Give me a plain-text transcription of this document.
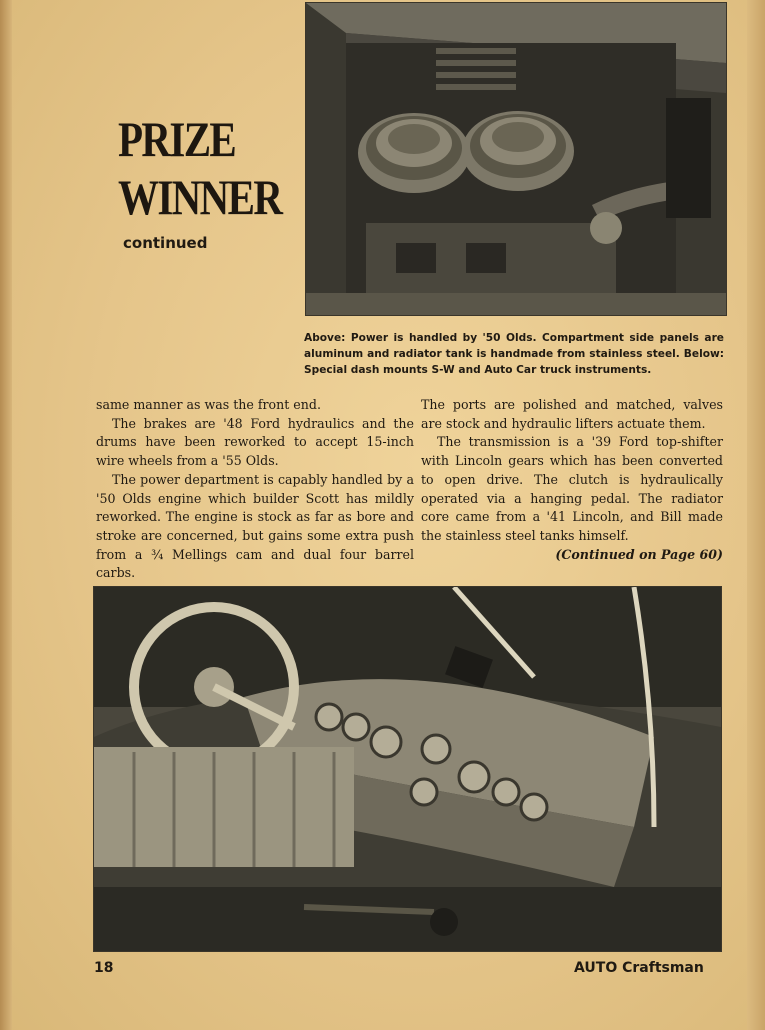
PRIZE
WINNER
continued
Above: Power is handled by '50 Olds. Compartment side panels are aluminum and radiator tank is handmade from stainless steel. Below: Special dash mounts S-W and Auto Car truck instruments.

same manner as was the front end.

The brakes are '48 Ford hydraulics and the drums have been reworked to accept 15-inch wire wheels from a '55 Olds.

The power department is capably handled by a '50 Olds engine which builder Scott has mildly reworked. The engine is stock as far as bore and stroke are concerned, but gains some extra push from a ¾ Mellings cam and dual four barrel carbs.

The ports are polished and matched, valves are stock and hydraulic lifters actuate them.

The transmission is a '39 Ford top-shifter with Lincoln gears which has been converted to open drive. The clutch is hydraulically operated via a hanging pedal. The radiator core came from a '41 Lincoln, and Bill made the stainless steel tanks himself.

(Continued on Page 60)

18	AUTO Craftsman
